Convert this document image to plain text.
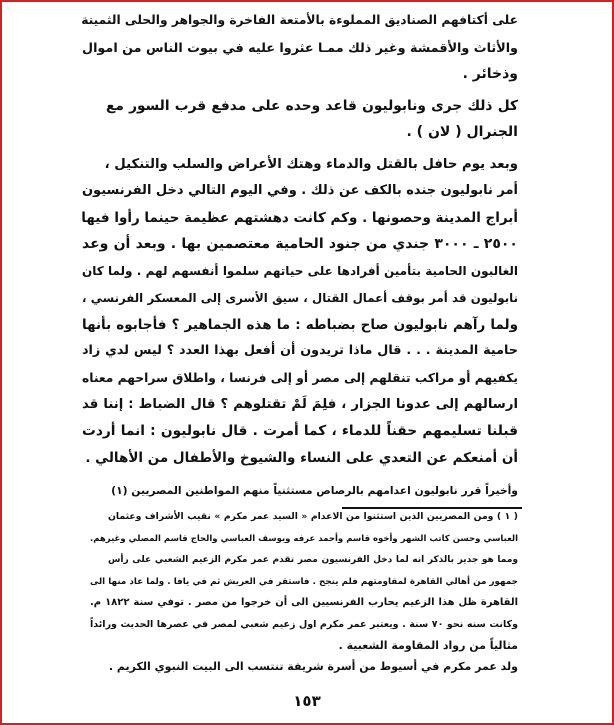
على أكتافهم الصناديق المملوءة بالأمتعة الفاخرة والجواهر والحلى الثمينة
والأثاث والأقمشة وغير ذلك ممـا عثروا عليه في بيوت الناس من اموال
وذخائر .
كل ذلك جرى ونابوليون قاعد وحده على مدفع قرب السور مع
الجنرال ( لان ) .
وبعد يوم حافل بالقتل والدماء وهتك الأعراض والسلب والتنكيل ،
أمر نابوليون جنده بالكف عن ذلك . وفي اليوم التالي دخل الفرنسيون
أبراج المدينة وحصونها . وكم كانت دهشتهم عظيمة حينما رأوا فيها
٢٥٠٠ ـ ٣٠٠٠ جندي من جنود الحامية معتصمين بها . وبعد أن وعد
الغالبون الحامية بتأمين أفرادها على حياتهم سلموا أنفسهم لهم . ولما كان
نابوليون قد أمر بوقف أعمال القتال ، سيق الأسرى إلى المعسكر الفرنسي ،
ولما رآهم نابوليون صاح بضباطه : ما هذه الجماهير ؟ فأجابوه بأنها
حامية المدينة . . . قال ماذا تريدون أن أفعل بهذا العدد ؟ ليس لدي زاد
يكفيهم أو مراكب تنقلهم إلى مصر أو إلى فرنسا ، واطلاق سراحهم معناه
ارسالهم إلى عدونا الجزار ، فلِمَ لَمْ تقتلوهم ؟ قال الضباط : إننا قد
قبلنا تسليمهم حقناً للدماء ، كما أمرت . قال نابوليون : انما أردت
أن أمنعكم عن التعدي على النساء والشيوخ والأطفال من الأهالي .
وأخيراً قرر نابوليون اعدامهم بالرصاص مستثنياً منهم المواطنين المصريين (١)
( ١ ) ومن المصريين الذين استثنوا من الاعدام « السيد عمر مكرم » نقيب الأشراف وعثمان
العباسي وحسن كاتب الشهر وأخوه قاسم وأحمد عرفه ويوسف العباسي والحاج قاسم المصلي وغيرهم.
ومما هو جدير بالذكر انه لما دخل الفرنسيون مصر تقدم عمر مكرم الزعيم الشعبي على رأس
جمهور من أهالي القاهرة لمقاومتهم فلم ينجح . فاستقر في العريش ثم في يافا . ولما عاد منها الى
القاهرة ظل هذا الزعيم يحارب الفرنسيين الى أن خرجوا من مصر . توفي سنة ١٨٢٢ م.
وكانت سنه نحو ٧٠ سنة . ويعتبر عمر مكرم اول زعيم شعبي لمصر في عصرها الحديث ورائداً
مثالياً من رواد المقاومة الشعبية .
ولد عمر مكرم في أسيوط من أسرة شريفة تنتسب الى البيت النبوي الكريم .
١٥٣
